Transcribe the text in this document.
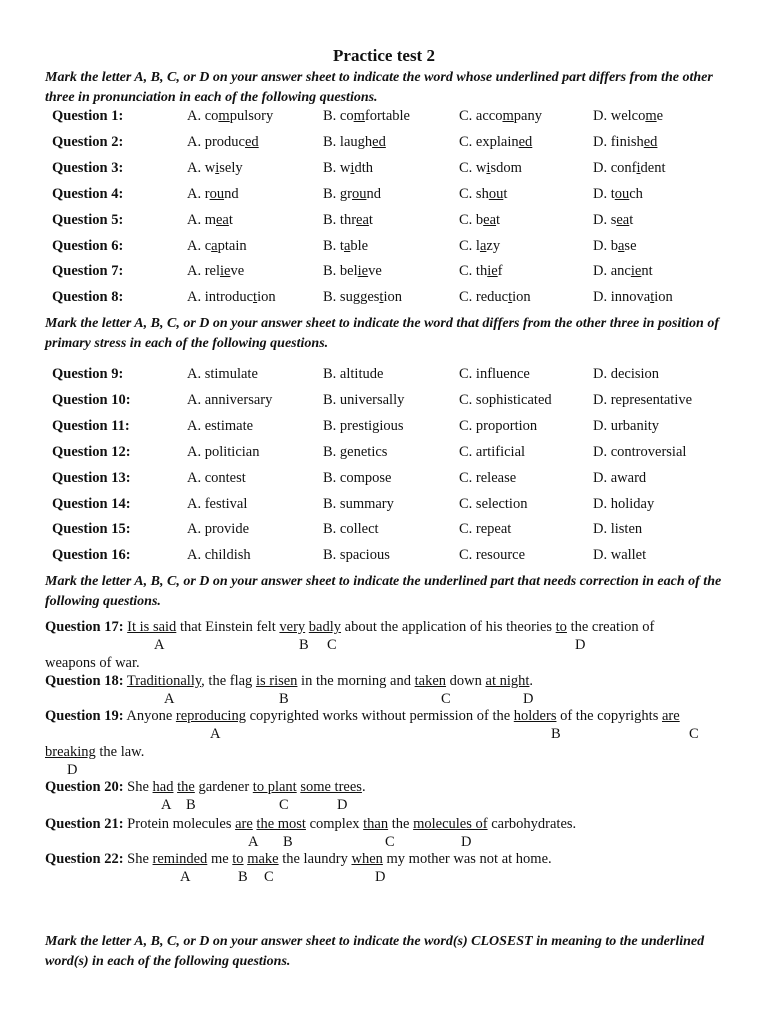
Practice test 2
Mark the letter A, B, C, or D on your answer sheet to indicate the word whose underlined part differs from the other three in pronunciation in each of the following questions.
Question 1:	A. compulsory	B. comfortable	C. accompany	D. welcome
Question 2:	A. produced	B. laughed	C. explained	D. finished
Question 3:	A. wisely	B. width	C. wisdom	D. confident
Question 4:	A. round	B. ground	C. shout	D. touch
Question 5:	A. meat	B. threat	C. beat	D. seat
Question 6:	A. captain	B. table	C. lazy	D. base
Question 7:	A. relieve	B. believe	C. thief	D. ancient
Question 8:	A. introduction	B. suggestion	C. reduction	D. innovation
Mark the letter A, B, C, or D on your answer sheet to indicate the word that differs from the other three in position of primary stress in each of the following questions.
Question 9:	A. stimulate	B. altitude	C. influence	D. decision
Question 10:	A. anniversary	B. universally	C. sophisticated	D. representative
Question 11:	A. estimate	B. prestigious	C. proportion	D. urbanity
Question 12:	A. politician	B. genetics	C. artificial	D. controversial
Question 13:	A. contest	B. compose	C. release	D. award
Question 14:	A. festival	B. summary	C. selection	D. holiday
Question 15:	A. provide	B. collect	C. repeat	D. listen
Question 16:	A. childish	B. spacious	C. resource	D. wallet
Mark the letter A, B, C, or D on your answer sheet to indicate the underlined part that needs correction in each of the following questions.
Question 17: It is said that Einstein felt very badly about the application of his theories to the creation of
A	B C	D
weapons of war.
Question 18: Traditionally, the flag is risen in the morning and taken down at night.
A	B	C	D
Question 19: Anyone reproducing copyrighted works without permission of the holders of the copyrights are
A	B	C
breaking the law.
D
Question 20: She had the gardener to plant some trees.
A B	C	D
Question 21: Protein molecules are the most complex than the molecules of carbohydrates.
A B	C	D
Question 22: She reminded me to make the laundry when my mother was not at home.
A	B C	D
Mark the letter A, B, C, or D on your answer sheet to indicate the word(s) CLOSEST in meaning to the underlined word(s) in each of the following questions.
